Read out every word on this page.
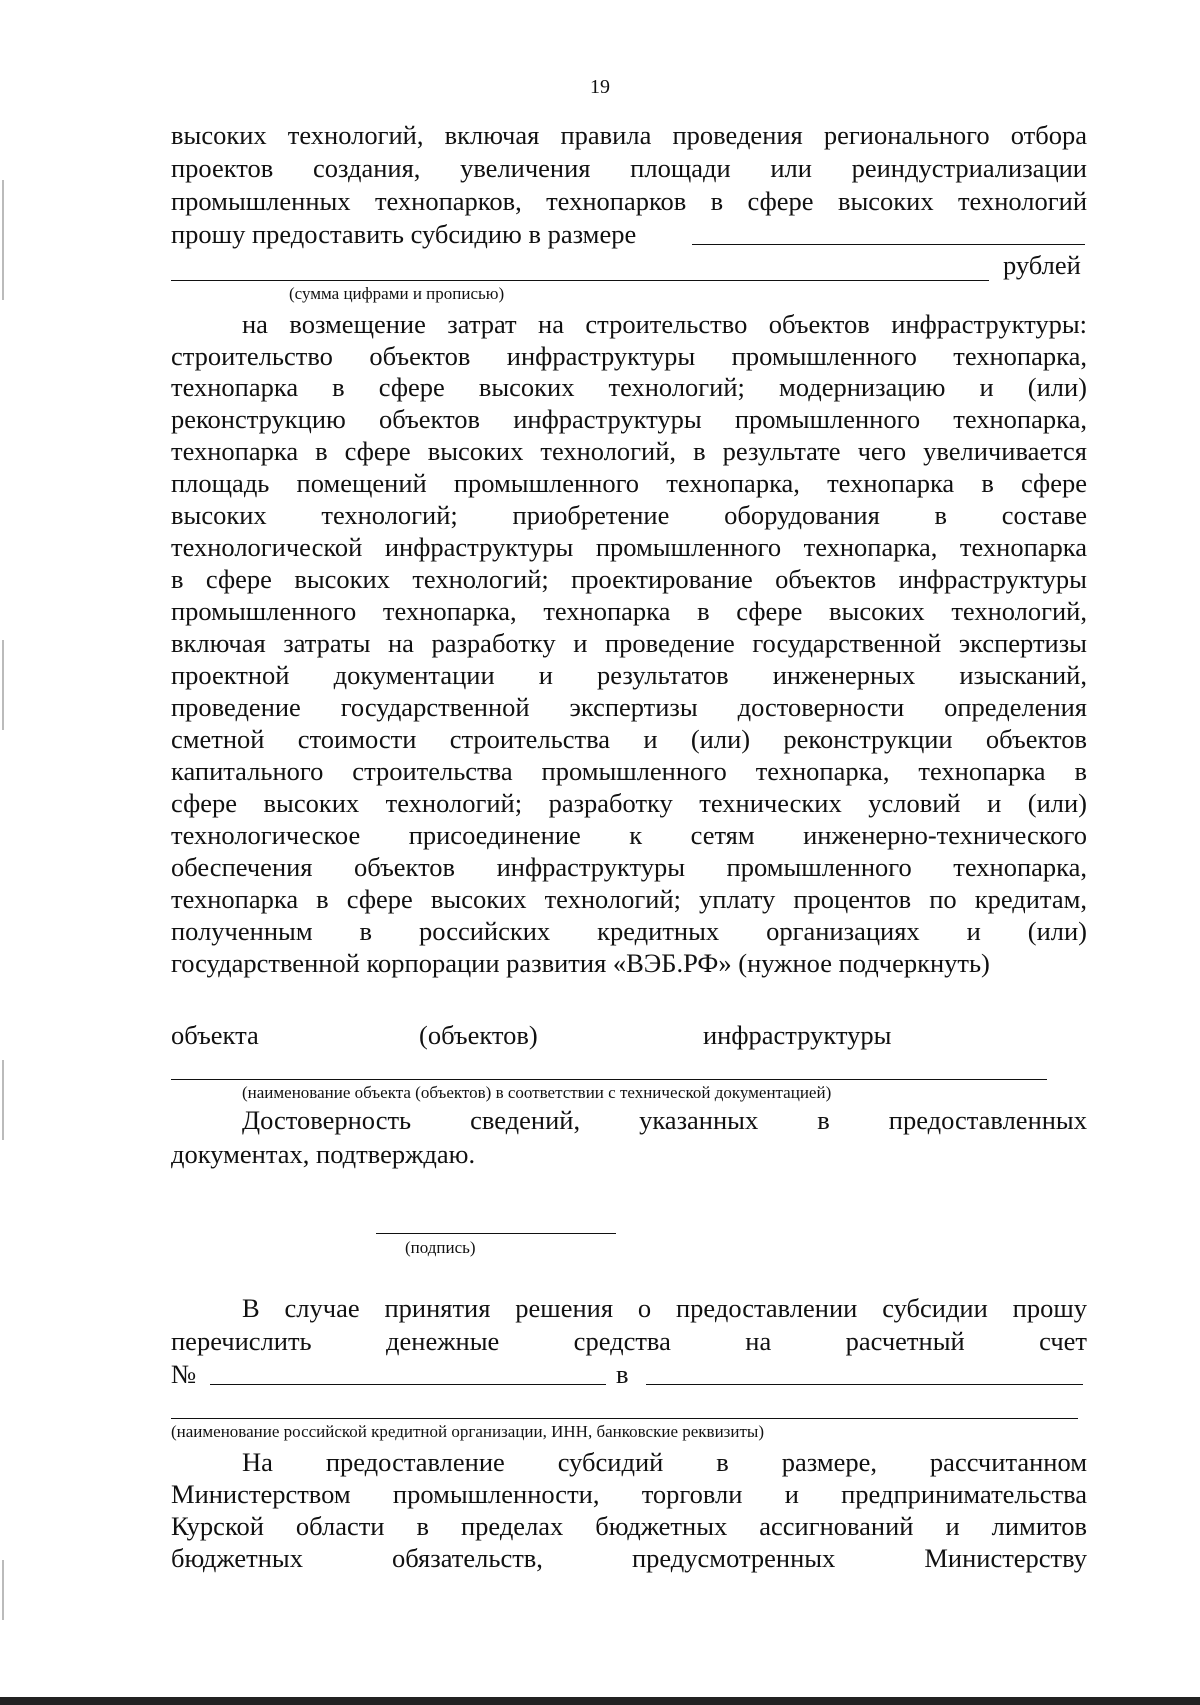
19
высоких технологий, включая правила проведения регионального отбора
проектов создания, увеличения площади или реиндустриализации
промышленных технопарков, технопарков в сфере высоких технологий
прошу предоставить субсидию в размере
рублей
(сумма цифрами и прописью)
на возмещение затрат на строительство объектов инфраструктуры:
строительство объектов инфраструктуры промышленного технопарка,
технопарка в сфере высоких технологий; модернизацию и (или)
реконструкцию объектов инфраструктуры промышленного технопарка,
технопарка в сфере высоких технологий, в результате чего увеличивается
площадь помещений промышленного технопарка, технопарка в сфере
высоких технологий; приобретение оборудования в составе
технологической инфраструктуры промышленного технопарка, технопарка
в сфере высоких технологий; проектирование объектов инфраструктуры
промышленного технопарка, технопарка в сфере высоких технологий,
включая затраты на разработку и проведение государственной экспертизы
проектной документации и результатов инженерных изысканий,
проведение государственной экспертизы достоверности определения
сметной стоимости строительства и (или) реконструкции объектов
капитального строительства промышленного технопарка, технопарка в
сфере высоких технологий; разработку технических условий и (или)
технологическое присоединение к сетям инженерно-технического
обеспечения объектов инфраструктуры промышленного технопарка,
технопарка в сфере высоких технологий; уплату процентов по кредитам,
полученным в российских кредитных организациях и (или)
государственной корпорации развития «ВЭБ.РФ» (нужное подчеркнуть)
объекта	(объектов)	инфраструктуры
(наименование объекта (объектов) в соответствии с технической документацией)
Достоверность сведений, указанных в предоставленных
документах, подтверждаю.
(подпись)
В случае принятия решения о предоставлении субсидии прошу
перечислить денежные средства на расчетный счет
№	в
(наименование российской кредитной организации, ИНН, банковские реквизиты)
На предоставление субсидий в размере, рассчитанном
Министерством промышленности, торговли и предпринимательства
Курской области в пределах бюджетных ассигнований и лимитов
бюджетных обязательств, предусмотренных Министерству
